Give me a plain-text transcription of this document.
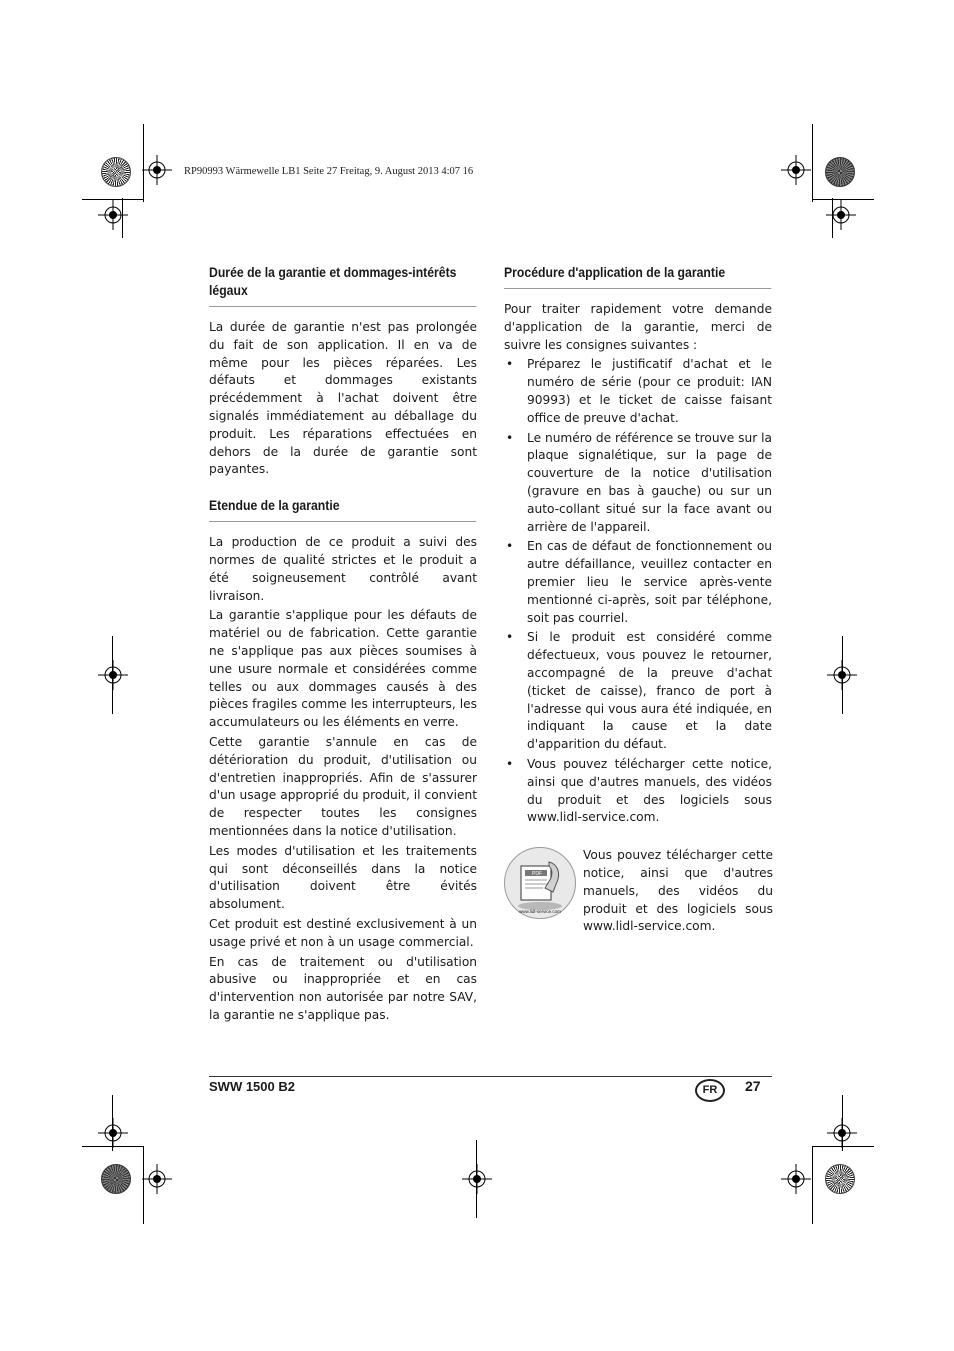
RP90993 Wärmewelle LB1 Seite 27 Freitag, 9. August 2013 4:07 16
Durée de la garantie et dommages-intérêts légaux

La durée de garantie n'est pas prolongée du fait de son application. Il en va de même pour les pièces réparées. Les défauts et dommages existants précédemment à l'achat doivent être signalés immédiatement au déballage du produit. Les réparations effectuées en dehors de la durée de garantie sont payantes.

Etendue de la garantie

La production de ce produit a suivi des normes de qualité strictes et le produit a été soigneusement contrôlé avant livraison.

La garantie s'applique pour les défauts de matériel ou de fabrication. Cette garantie ne s'applique pas aux pièces soumises à une usure normale et considérées comme telles ou aux dommages causés à des pièces fragiles comme les interrupteurs, les accumulateurs ou les éléments en verre.

Cette garantie s'annule en cas de détérioration du produit, d'utilisation ou d'entretien inappropriés. Afin de s'assurer d'un usage approprié du produit, il convient de respecter toutes les consignes mentionnées dans la notice d'utilisation.

Les modes d'utilisation et les traitements qui sont déconseillés dans la notice d'utilisation doivent être évités absolument.

Cet produit est destiné exclusivement à un usage privé et non à un usage commercial.

En cas de traitement ou d'utilisation abusive ou inappropriée et en cas d'intervention non autorisée par notre SAV, la garantie ne s'applique pas.

Procédure d'application de la garantie

Pour traiter rapidement votre demande d'application de la garantie, merci de suivre les consignes suivantes :

• Préparez le justificatif d'achat et le numéro de série (pour ce produit: IAN 90993) et le ticket de caisse faisant office de preuve d'achat.
• Le numéro de référence se trouve sur la plaque signalétique, sur la page de couverture de la notice d'utilisation (gravure en bas à gauche) ou sur un auto-collant situé sur la face avant ou arrière de l'appareil.
• En cas de défaut de fonctionnement ou autre défaillance, veuillez contacter en premier lieu le service après-vente mentionné ci-après, soit par téléphone, soit pas courriel.
• Si le produit est considéré comme défectueux, vous pouvez le retourner, accompagné de la preuve d'achat (ticket de caisse), franco de port à l'adresse qui vous aura été indiquée, en indiquant la cause et la date d'apparition du défaut.
• Vous pouvez télécharger cette notice, ainsi que d'autres manuels, des vidéos du produit et des logiciels sous www.lidl-service.com.
PDF
www.lidl-service.com
Vous pouvez télécharger cette notice, ainsi que d'autres manuels, des vidéos du produit et des logiciels sous www.lidl-service.com.
SWW 1500 B2	FR	27
